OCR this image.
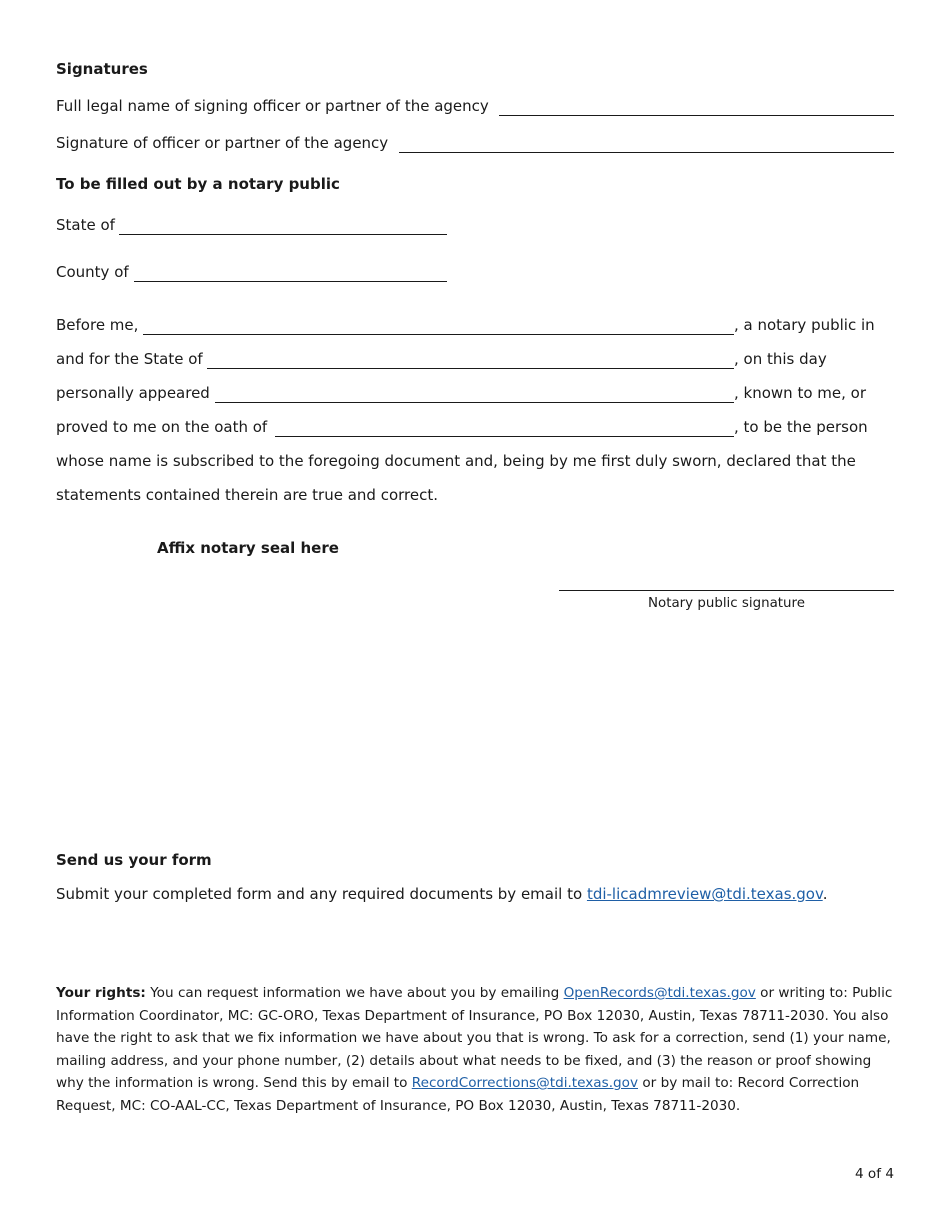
Signatures
Full legal name of signing officer or partner of the agency
Signature of officer or partner of the agency
To be filled out by a notary public
State of
County of
Before me,	, a notary public in
and for the State of	, on this day
personally appeared	, known to me, or
proved to me on the oath of	, to be the person
whose name is subscribed to the foregoing document and, being by me first duly sworn, declared that the
statements contained therein are true and correct.
Affix notary seal here
Notary public signature
Send us your form
Submit your completed form and any required documents by email to tdi-licadmreview@tdi.texas.gov.
Your rights: You can request information we have about you by emailing OpenRecords@tdi.texas.gov or writing to: Public Information Coordinator, MC: GC-ORO, Texas Department of Insurance, PO Box 12030, Austin, Texas 78711-2030. You also have the right to ask that we fix information we have about you that is wrong. To ask for a correction, send (1) your name, mailing address, and your phone number, (2) details about what needs to be fixed, and (3) the reason or proof showing why the information is wrong. Send this by email to RecordCorrections@tdi.texas.gov or by mail to: Record Correction Request, MC: CO-AAL-CC, Texas Department of Insurance, PO Box 12030, Austin, Texas 78711-2030.
4 of 4
